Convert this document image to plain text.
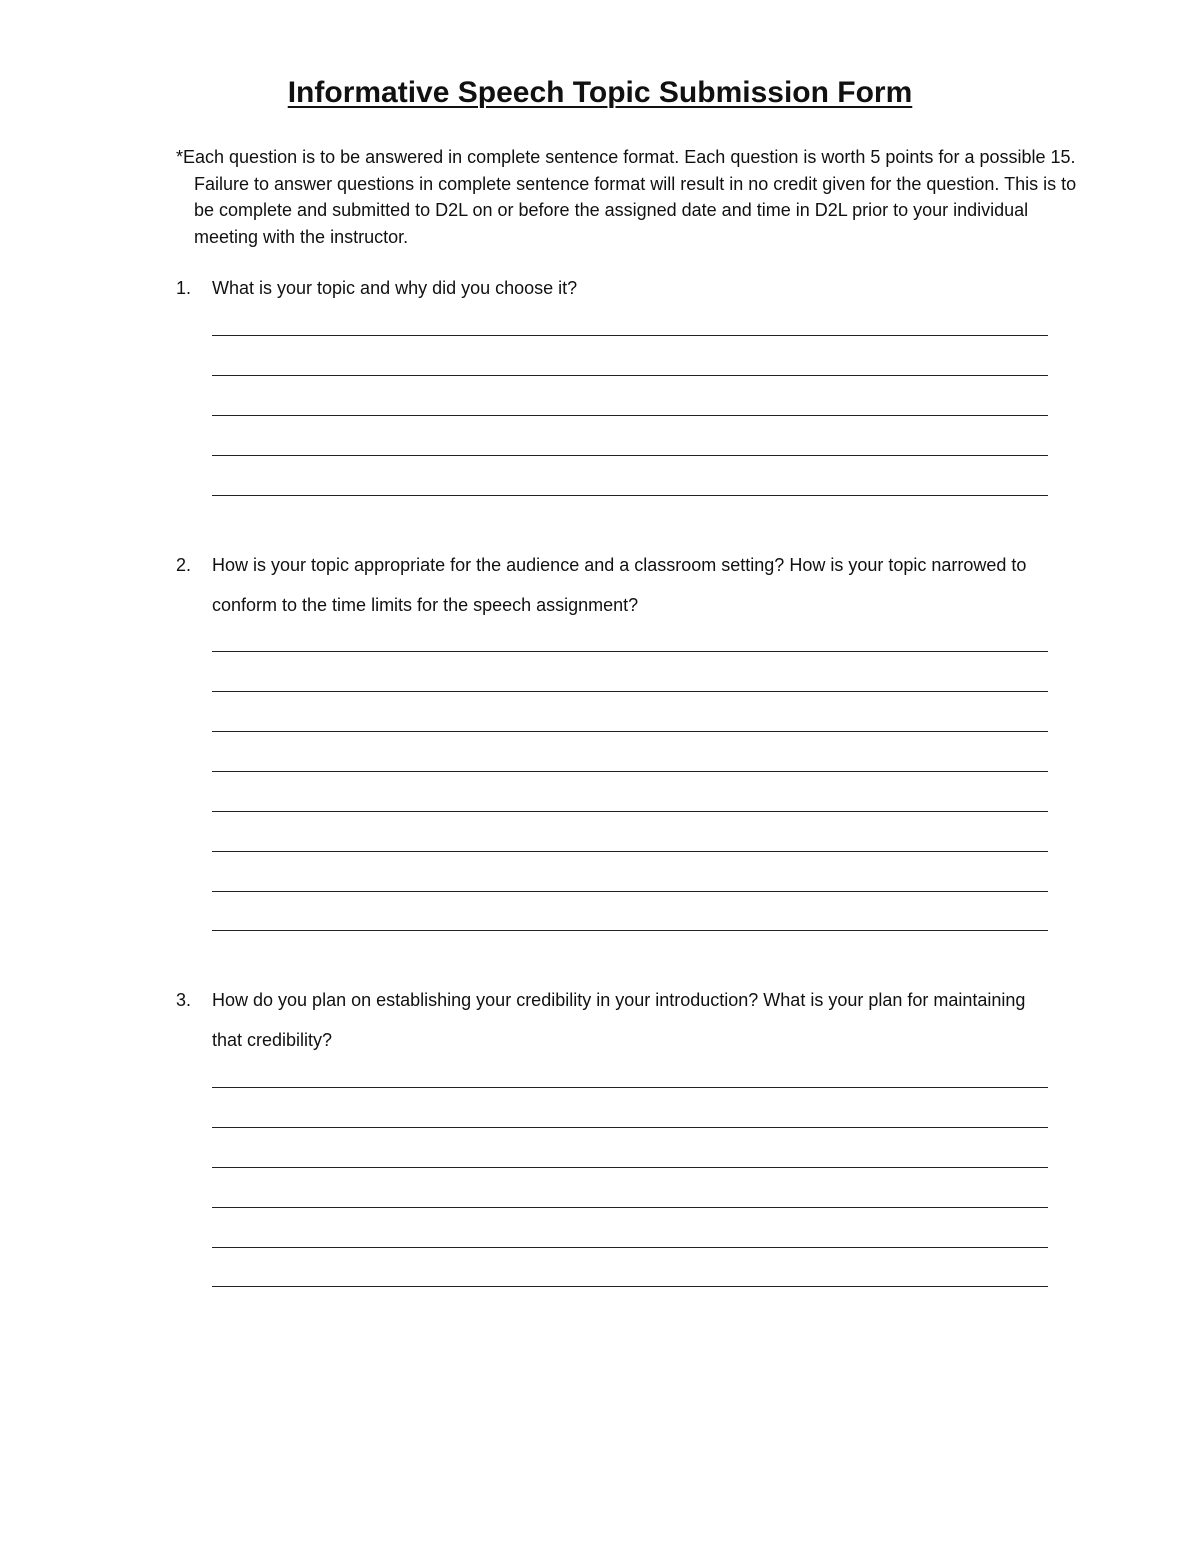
Informative Speech Topic Submission Form

*Each question is to be answered in complete sentence format. Each question is worth 5 points for a possible 15. Failure to answer questions in complete sentence format will result in no credit given for the question. This is to be complete and submitted to D2L on or before the assigned date and time in D2L prior to your individual meeting with the instructor.

1. What is your topic and why did you choose it?
2. How is your topic appropriate for the audience and a classroom setting? How is your topic narrowed to conform to the time limits for the speech assignment?
3. How do you plan on establishing your credibility in your introduction? What is your plan for maintaining that credibility?
